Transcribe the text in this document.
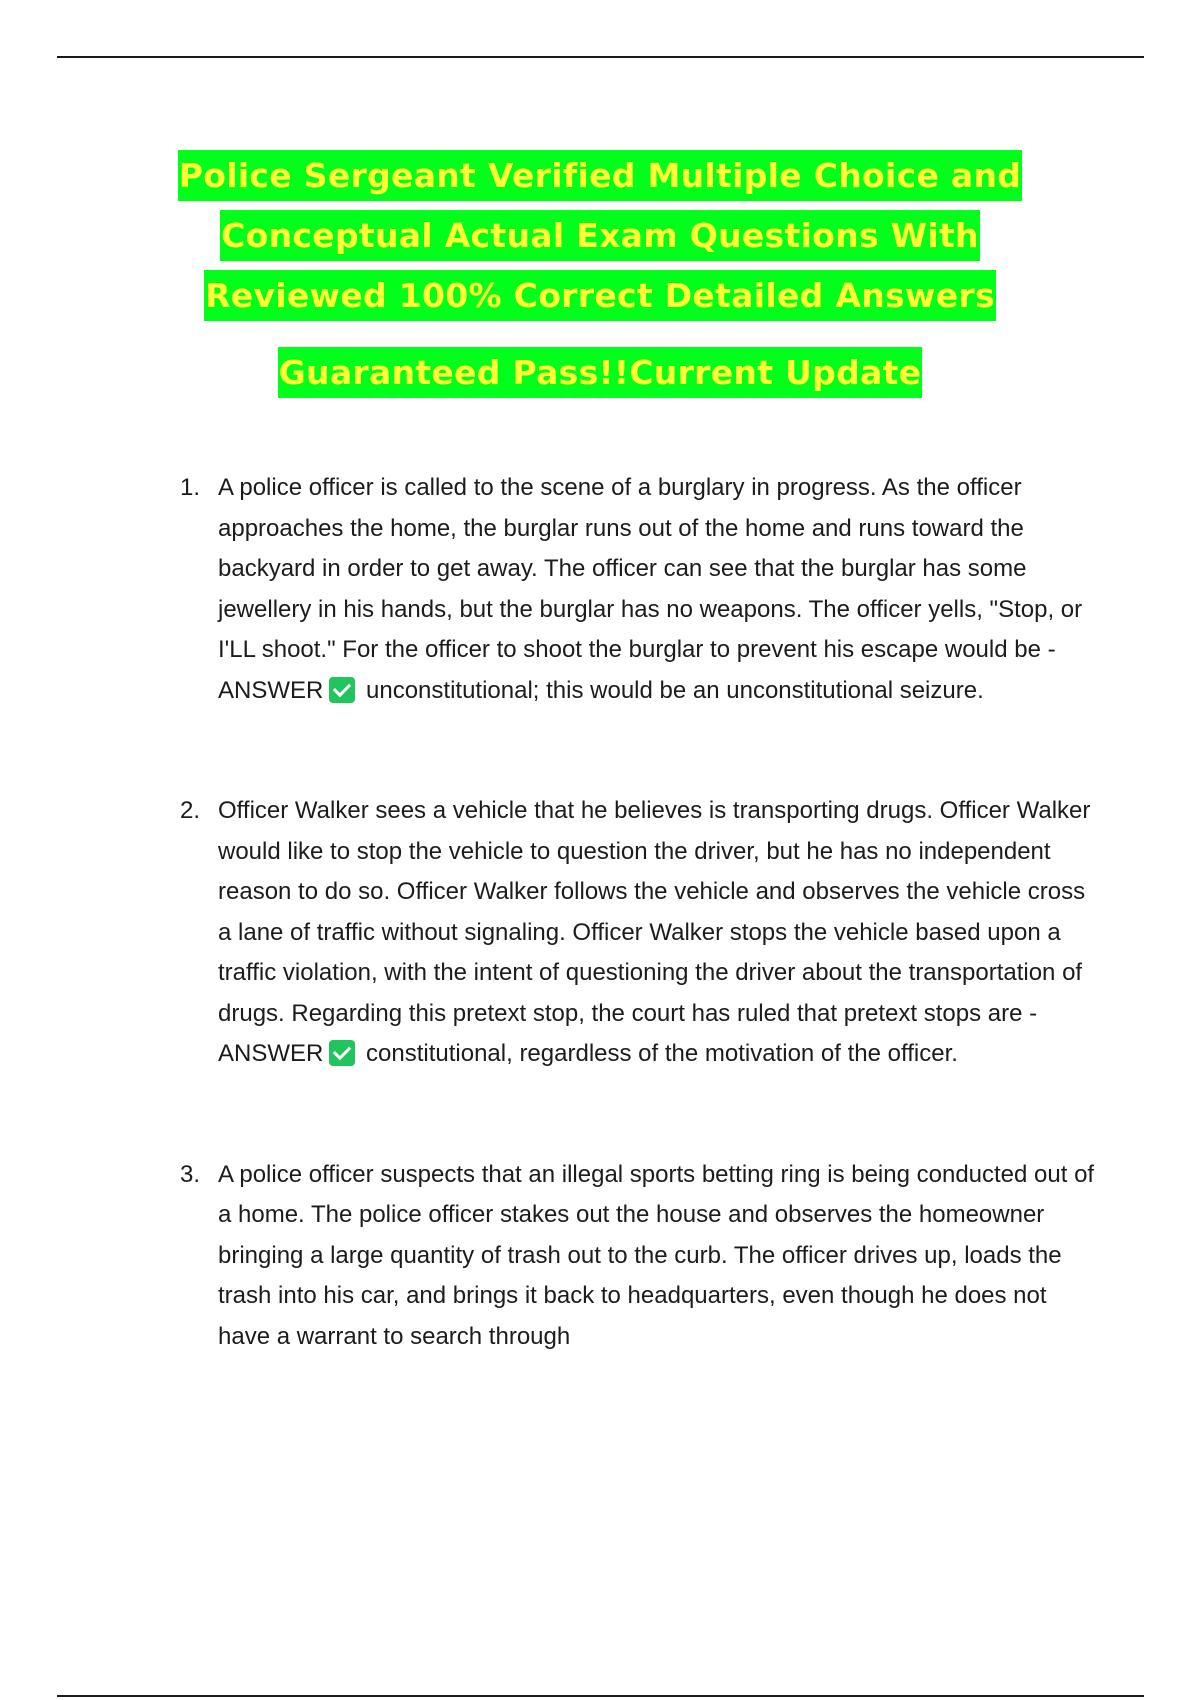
Police Sergeant Verified Multiple Choice and
Conceptual Actual Exam Questions With
Reviewed 100% Correct Detailed Answers
Guaranteed Pass!!Current Update
1. A police officer is called to the scene of a burglary in progress. As the officer approaches the home, the burglar runs out of the home and runs toward the backyard in order to get away. The officer can see that the burglar has some jewellery in his hands, but the burglar has no weapons. The officer yells, "Stop, or I'LL shoot." For the officer to shoot the burglar to prevent his escape would be - ANSWER unconstitutional; this would be an unconstitutional seizure.
2. Officer Walker sees a vehicle that he believes is transporting drugs. Officer Walker would like to stop the vehicle to question the driver, but he has no independent reason to do so. Officer Walker follows the vehicle and observes the vehicle cross a lane of traffic without signaling. Officer Walker stops the vehicle based upon a traffic violation, with the intent of questioning the driver about the transportation of drugs. Regarding this pretext stop, the court has ruled that pretext stops are - ANSWER constitutional, regardless of the motivation of the officer.
3. A police officer suspects that an illegal sports betting ring is being conducted out of a home. The police officer stakes out the house and observes the homeowner bringing a large quantity of trash out to the curb. The officer drives up, loads the trash into his car, and brings it back to headquarters, even though he does not have a warrant to search through
